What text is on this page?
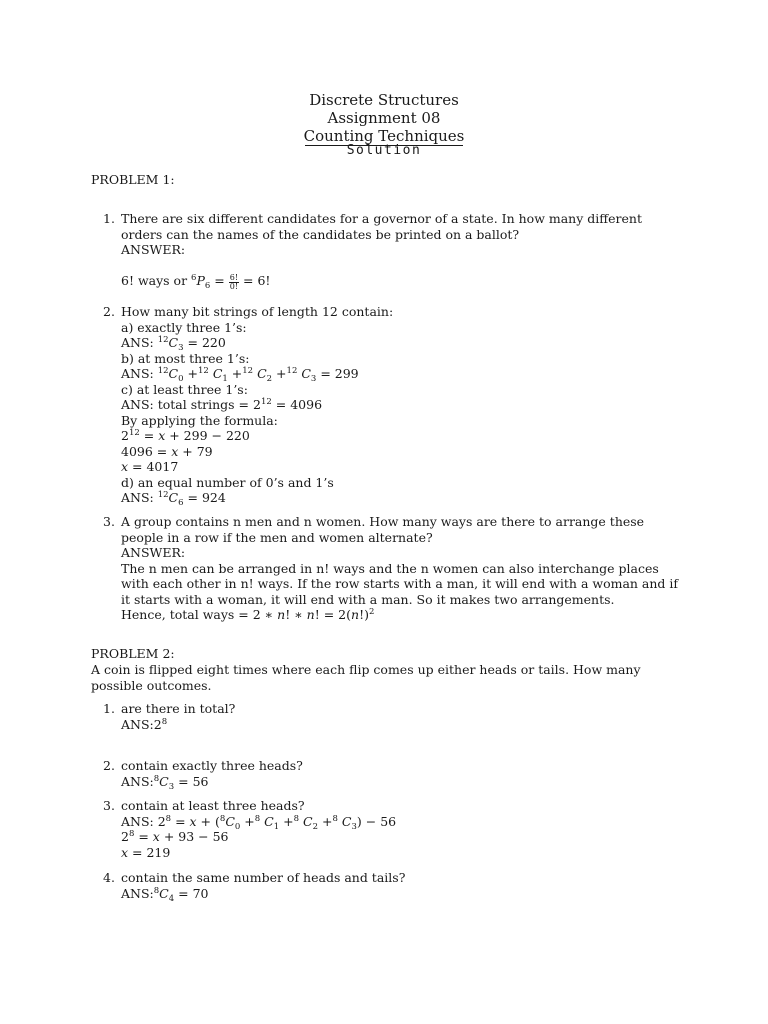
Discrete Structures
Assignment 08
Counting Techniques
Solution
PROBLEM 1:
1. There are six different candidates for a governor of a state. In how many different orders can the names of the candidates be printed on a ballot?
ANSWER:
6! ways or $^6P_6 = \frac{6!}{0!} = 6$!
2. How many bit strings of length 12 contain:
a) exactly three 1’s:
ANS: $^{12}C_3 = 220$
b) at most three 1’s:
ANS: $^{12}C_0 +^{12}$ $C_1 +^{12}$ $C_2 +^{12}$ $C_3 = 299$
c) at least three 1’s:
ANS: total strings = $2^{12} = 4096$
By applying the formula:
$2^{12} = x + 299 - 220$
4096 = x + 79
x = 4017
d) an equal number of 0’s and 1’s
ANS: $^{12}C_6 = 924$
3. A group contains n men and n women. How many ways are there to arrange these people in a row if the men and women alternate?
ANSWER:
The n men can be arranged in n! ways and the n women can also interchange places with each other in n! ways. If the row starts with a man, it will end with a woman and if it starts with a woman, it will end with a man. So it makes two arrangements.
Hence, total ways = 2 ∗ n! ∗ n! = $2(n!)^2$
PROBLEM 2:
A coin is flipped eight times where each flip comes up either heads or tails. How many possible outcomes.
1. are there in total?
$ANS:2^8$
2. contain exactly three heads?
$ANS:^8C_3 = 56$
3. contain at least three heads?
ANS: $2^8 = x + (^8C_0 +^8$ $C_1 +^8$ $C_2 +^8$ $C_3) - 56$
$2^8 = x + 93 - 56$
x = 219
4. contain the same number of heads and tails?
$ANS:^8C_4 = 70$
